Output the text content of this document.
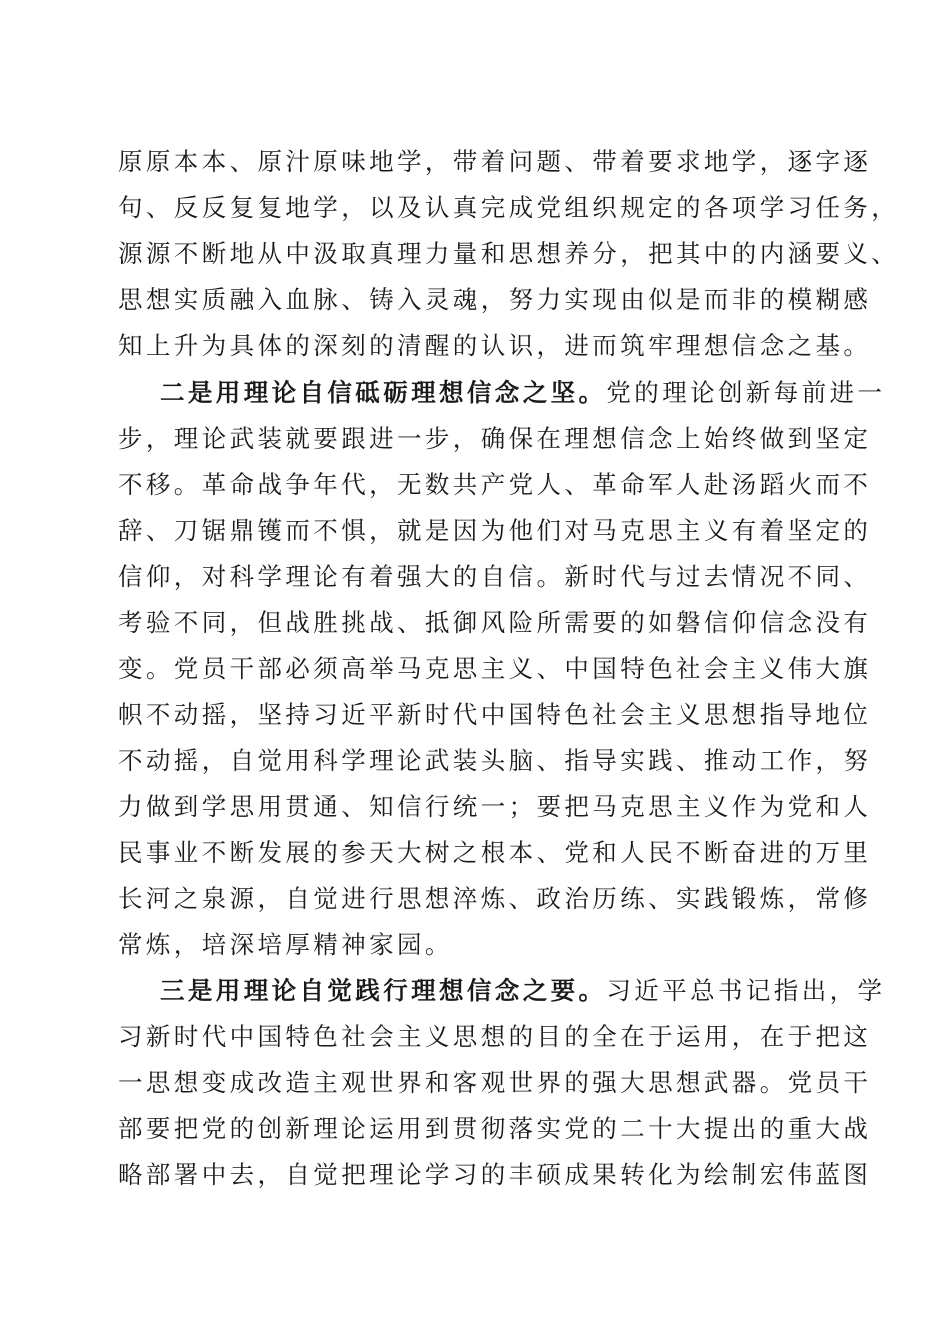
原原本本、原汁原味地学，带着问题、带着要求地学，逐字逐
句、反反复复地学，以及认真完成党组织规定的各项学习任务，
源源不断地从中汲取真理力量和思想养分，把其中的内涵要义、
思想实质融入血脉、铸入灵魂，努力实现由似是而非的模糊感
知上升为具体的深刻的清醒的认识，进而筑牢理想信念之基。
二是用理论自信砥砺理想信念之坚。党的理论创新每前进一
步，理论武装就要跟进一步，确保在理想信念上始终做到坚定
不移。革命战争年代，无数共产党人、革命军人赴汤蹈火而不
辞、刀锯鼎镬而不惧，就是因为他们对马克思主义有着坚定的
信仰，对科学理论有着强大的自信。新时代与过去情况不同、
考验不同，但战胜挑战、抵御风险所需要的如磐信仰信念没有
变。党员干部必须高举马克思主义、中国特色社会主义伟大旗
帜不动摇，坚持习近平新时代中国特色社会主义思想指导地位
不动摇，自觉用科学理论武装头脑、指导实践、推动工作，努
力做到学思用贯通、知信行统一；要把马克思主义作为党和人
民事业不断发展的参天大树之根本、党和人民不断奋进的万里
长河之泉源，自觉进行思想淬炼、政治历练、实践锻炼，常修
常炼，培深培厚精神家园。
三是用理论自觉践行理想信念之要。习近平总书记指出，学
习新时代中国特色社会主义思想的目的全在于运用，在于把这
一思想变成改造主观世界和客观世界的强大思想武器。党员干
部要把党的创新理论运用到贯彻落实党的二十大提出的重大战
略部署中去，自觉把理论学习的丰硕成果转化为绘制宏伟蓝图
